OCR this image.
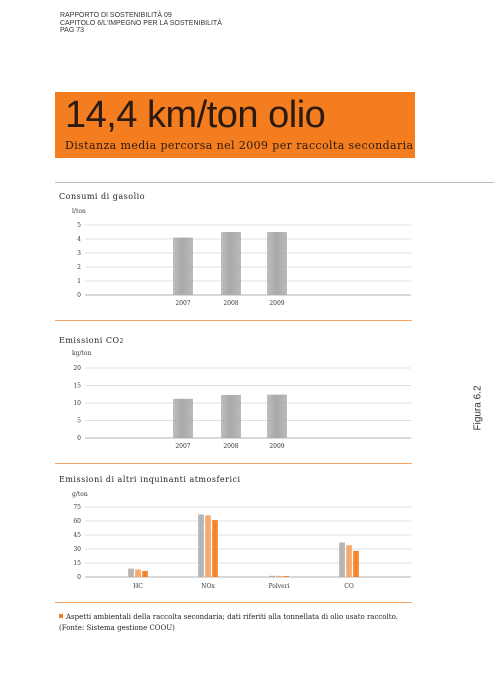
RAPPORTO DI SOSTENIBILITÀ 09
CAPITOLO 6/L'IMPEGNO PER LA SOSTENIBILITÀ
PAG 73
14,4 km/ton olio
Distanza media percorsa nel 2009 per raccolta secondaria
Consumi di gasolio
l/ton
0
1
2
3
4
5
2007	2008	2009
Emissioni CO2
kg/ton
0
5
10
15
20
2007	2008	2009
Emissioni di altri inquinanti atmosferici
g/ton
0
15
30
45
60
75
HC	NOx	Polveri	CO
Figura 6.2
Aspetti ambientali della raccolta secondaria; dati riferiti alla tonnellata di olio usato raccolto.
(Fonte: Sistema gestione COOU)
